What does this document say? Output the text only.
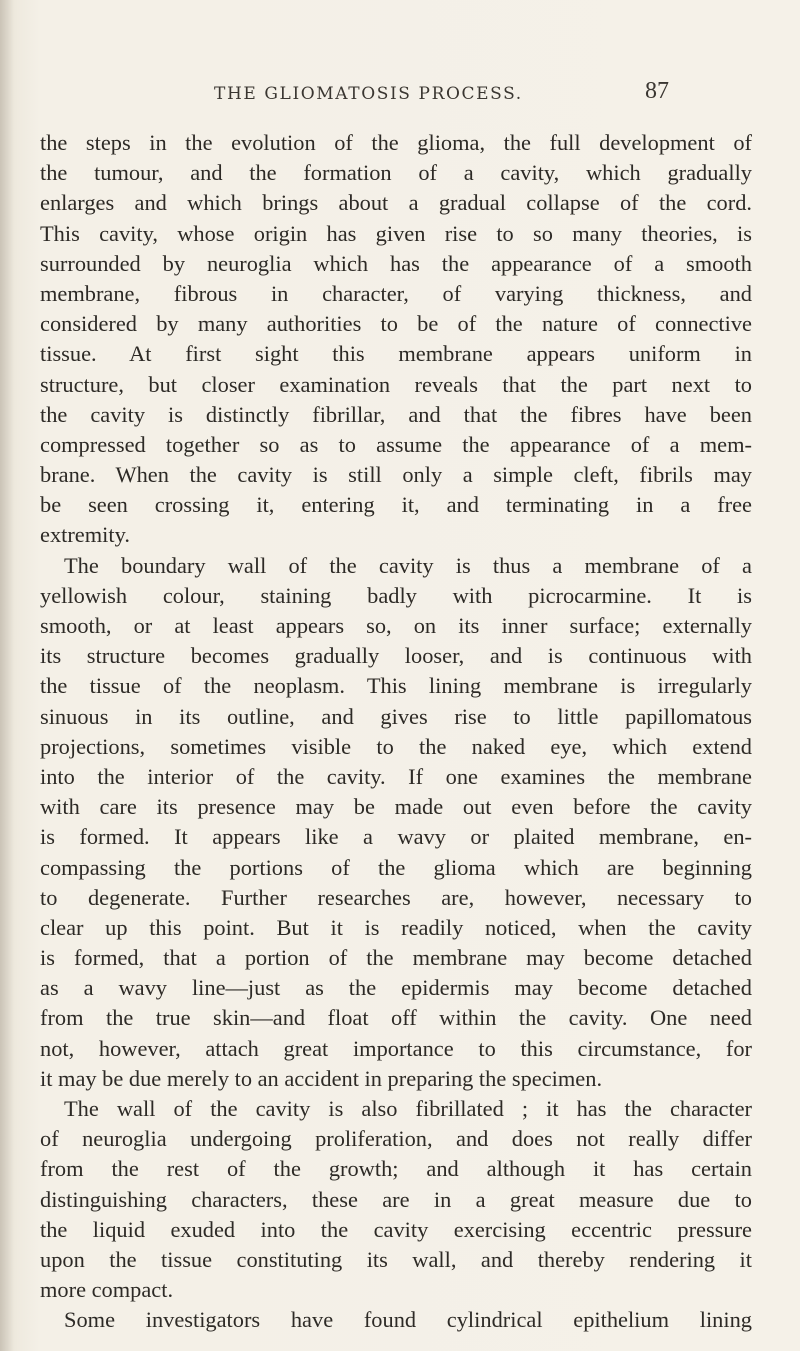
THE GLIOMATOSIS PROCESS.	87
the steps in the evolution of the glioma, the full development of
the tumour, and the formation of a cavity, which gradually
enlarges and which brings about a gradual collapse of the cord.
This cavity, whose origin has given rise to so many theories, is
surrounded by neuroglia which has the appearance of a smooth
membrane, fibrous in character, of varying thickness, and
considered by many authorities to be of the nature of connective
tissue. At first sight this membrane appears uniform in
structure, but closer examination reveals that the part next to
the cavity is distinctly fibrillar, and that the fibres have been
compressed together so as to assume the appearance of a mem-
brane. When the cavity is still only a simple cleft, fibrils may
be seen crossing it, entering it, and terminating in a free
extremity.
The boundary wall of the cavity is thus a membrane of a
yellowish colour, staining badly with picrocarmine. It is
smooth, or at least appears so, on its inner surface; externally
its structure becomes gradually looser, and is continuous with
the tissue of the neoplasm. This lining membrane is irregularly
sinuous in its outline, and gives rise to little papillomatous
projections, sometimes visible to the naked eye, which extend
into the interior of the cavity. If one examines the membrane
with care its presence may be made out even before the cavity
is formed. It appears like a wavy or plaited membrane, en-
compassing the portions of the glioma which are beginning
to degenerate. Further researches are, however, necessary to
clear up this point. But it is readily noticed, when the cavity
is formed, that a portion of the membrane may become detached
as a wavy line—just as the epidermis may become detached
from the true skin—and float off within the cavity. One need
not, however, attach great importance to this circumstance, for
it may be due merely to an accident in preparing the specimen.
The wall of the cavity is also fibrillated ; it has the character
of neuroglia undergoing proliferation, and does not really differ
from the rest of the growth; and although it has certain
distinguishing characters, these are in a great measure due to
the liquid exuded into the cavity exercising eccentric pressure
upon the tissue constituting its wall, and thereby rendering it
more compact.
Some investigators have found cylindrical epithelium lining
